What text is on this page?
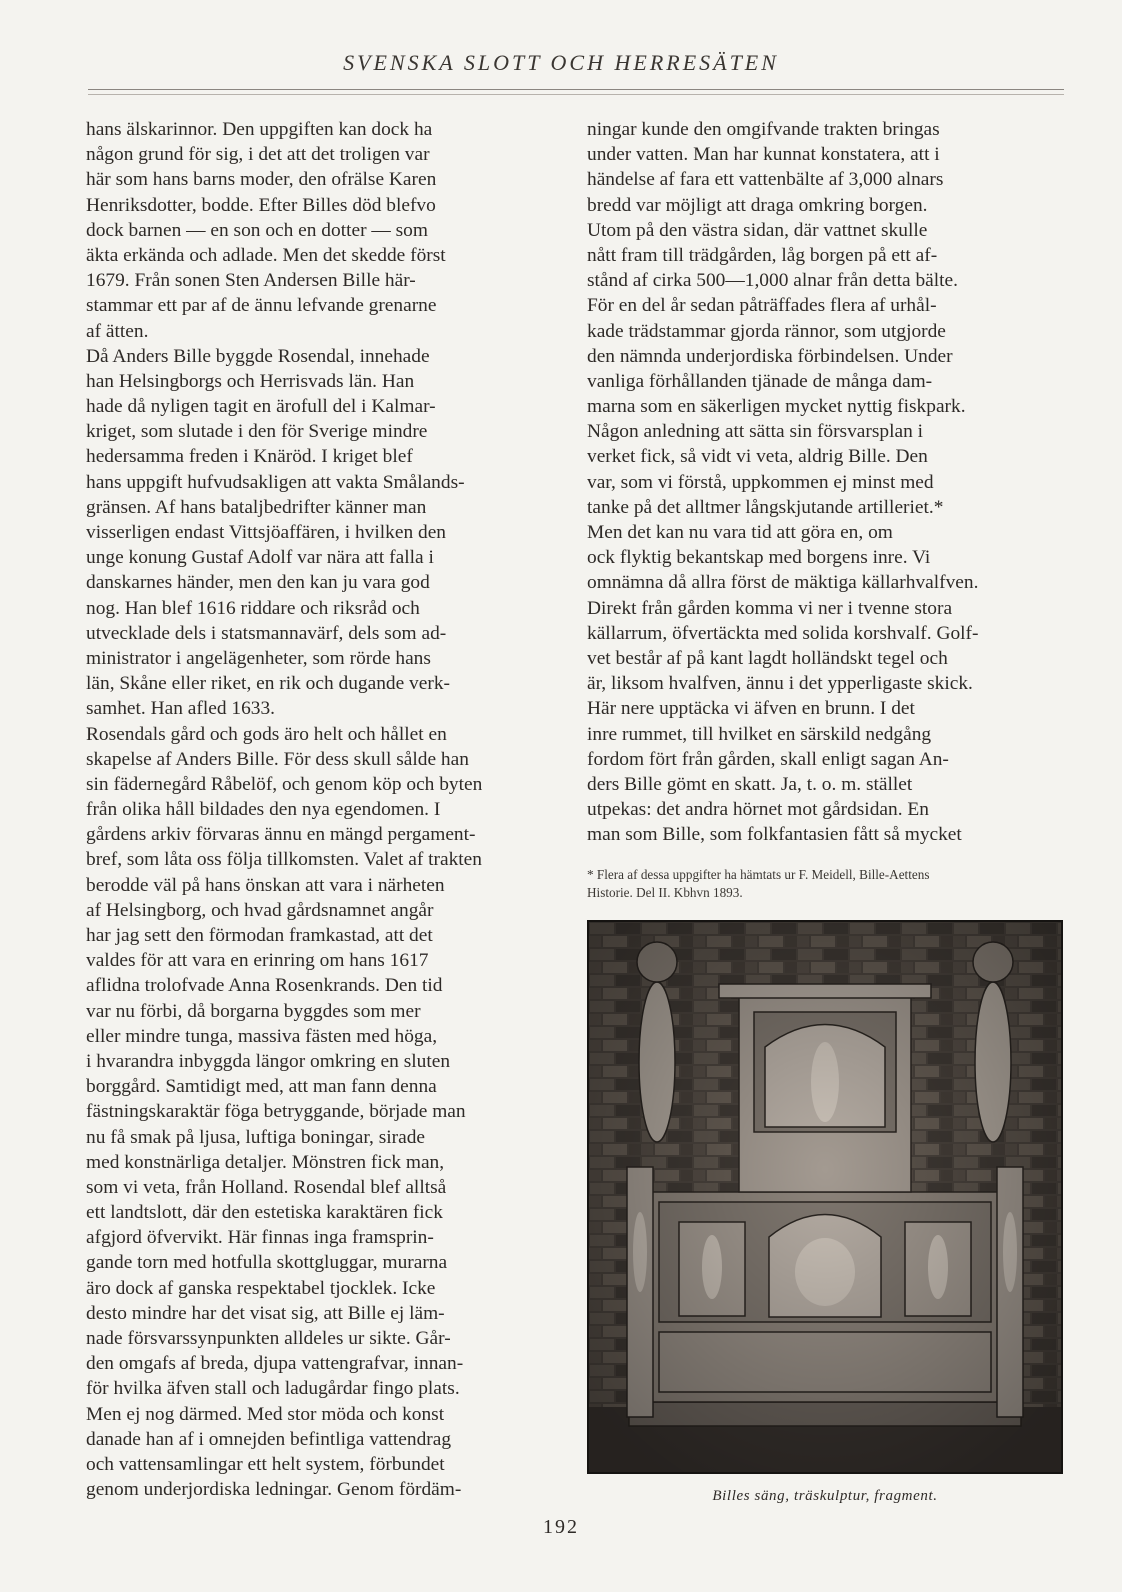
SVENSKA SLOTT OCH HERRESÄTEN
hans älskarinnor. Den uppgiften kan dock ha
någon grund för sig, i det att det troligen var
här som hans barns moder, den ofrälse Karen
Henriksdotter, bodde. Efter Billes död blefvo
dock barnen — en son och en dotter — som
äkta erkända och adlade. Men det skedde först
1679. Från sonen Sten Andersen Bille här-
stammar ett par af de ännu lefvande grenarne
af ätten.
Då Anders Bille byggde Rosendal, innehade
han Helsingborgs och Herrisvads län. Han
hade då nyligen tagit en ärofull del i Kalmar-
kriget, som slutade i den för Sverige mindre
hedersamma freden i Knäröd. I kriget blef
hans uppgift hufvudsakligen att vakta Smålands-
gränsen. Af hans bataljbedrifter känner man
visserligen endast Vittsjöaffären, i hvilken den
unge konung Gustaf Adolf var nära att falla i
danskarnes händer, men den kan ju vara god
nog. Han blef 1616 riddare och riksråd och
utvecklade dels i statsmannavärf, dels som ad-
ministrator i angelägenheter, som rörde hans
län, Skåne eller riket, en rik och dugande verk-
samhet. Han afled 1633.
Rosendals gård och gods äro helt och hållet en
skapelse af Anders Bille. För dess skull sålde han
sin fädernegård Råbelöf, och genom köp och byten
från olika håll bildades den nya egendomen. I
gårdens arkiv förvaras ännu en mängd pergament-
bref, som låta oss följa tillkomsten. Valet af trakten
berodde väl på hans önskan att vara i närheten
af Helsingborg, och hvad gårdsnamnet angår
har jag sett den förmodan framkastad, att det
valdes för att vara en erinring om hans 1617
aflidna trolofvade Anna Rosenkrands. Den tid
var nu förbi, då borgarna byggdes som mer
eller mindre tunga, massiva fästen med höga,
i hvarandra inbyggda längor omkring en sluten
borggård. Samtidigt med, att man fann denna
fästningskaraktär föga betryggande, började man
nu få smak på ljusa, luftiga boningar, sirade
med konstnärliga detaljer. Mönstren fick man,
som vi veta, från Holland. Rosendal blef alltså
ett landtslott, där den estetiska karaktären fick
afgjord öfvervikt. Här finnas inga framsprin-
gande torn med hotfulla skottgluggar, murarna
äro dock af ganska respektabel tjocklek. Icke
desto mindre har det visat sig, att Bille ej läm-
nade försvarssynpunkten alldeles ur sikte. Går-
den omgafs af breda, djupa vattengrafvar, innan-
för hvilka äfven stall och ladugårdar fingo plats.
Men ej nog därmed. Med stor möda och konst
danade han af i omnejden befintliga vattendrag
och vattensamlingar ett helt system, förbundet
genom underjordiska ledningar. Genom fördäm-
ningar kunde den omgifvande trakten bringas
under vatten. Man har kunnat konstatera, att i
händelse af fara ett vattenbälte af 3,000 alnars
bredd var möjligt att draga omkring borgen.
Utom på den västra sidan, där vattnet skulle
nått fram till trädgården, låg borgen på ett af-
stånd af cirka 500—1,000 alnar från detta bälte.
För en del år sedan påträffades flera af urhål-
kade trädstammar gjorda rännor, som utgjorde
den nämnda underjordiska förbindelsen. Under
vanliga förhållanden tjänade de många dam-
marna som en säkerligen mycket nyttig fiskpark.
Någon anledning att sätta sin försvarsplan i
verket fick, så vidt vi veta, aldrig Bille. Den
var, som vi förstå, uppkommen ej minst med
tanke på det alltmer långskjutande artilleriet.*
Men det kan nu vara tid att göra en, om
ock flyktig bekantskap med borgens inre. Vi
omnämna då allra först de mäktiga källarhvalfven.
Direkt från gården komma vi ner i tvenne stora
källarrum, öfvertäckta med solida korshvalf. Golf-
vet består af på kant lagdt holländskt tegel och
är, liksom hvalfven, ännu i det ypperligaste skick.
Här nere upptäcka vi äfven en brunn. I det
inre rummet, till hvilket en särskild nedgång
fordom fört från gården, skall enligt sagan An-
ders Bille gömt en skatt. Ja, t. o. m. stället
utpekas: det andra hörnet mot gårdsidan. En
man som Bille, som folkfantasien fått så mycket
* Flera af dessa uppgifter ha hämtats ur F. Meidell, Bille-Aettens
Historie. Del II. Kbhvn 1893.
Billes säng, träskulptur, fragment.
192
